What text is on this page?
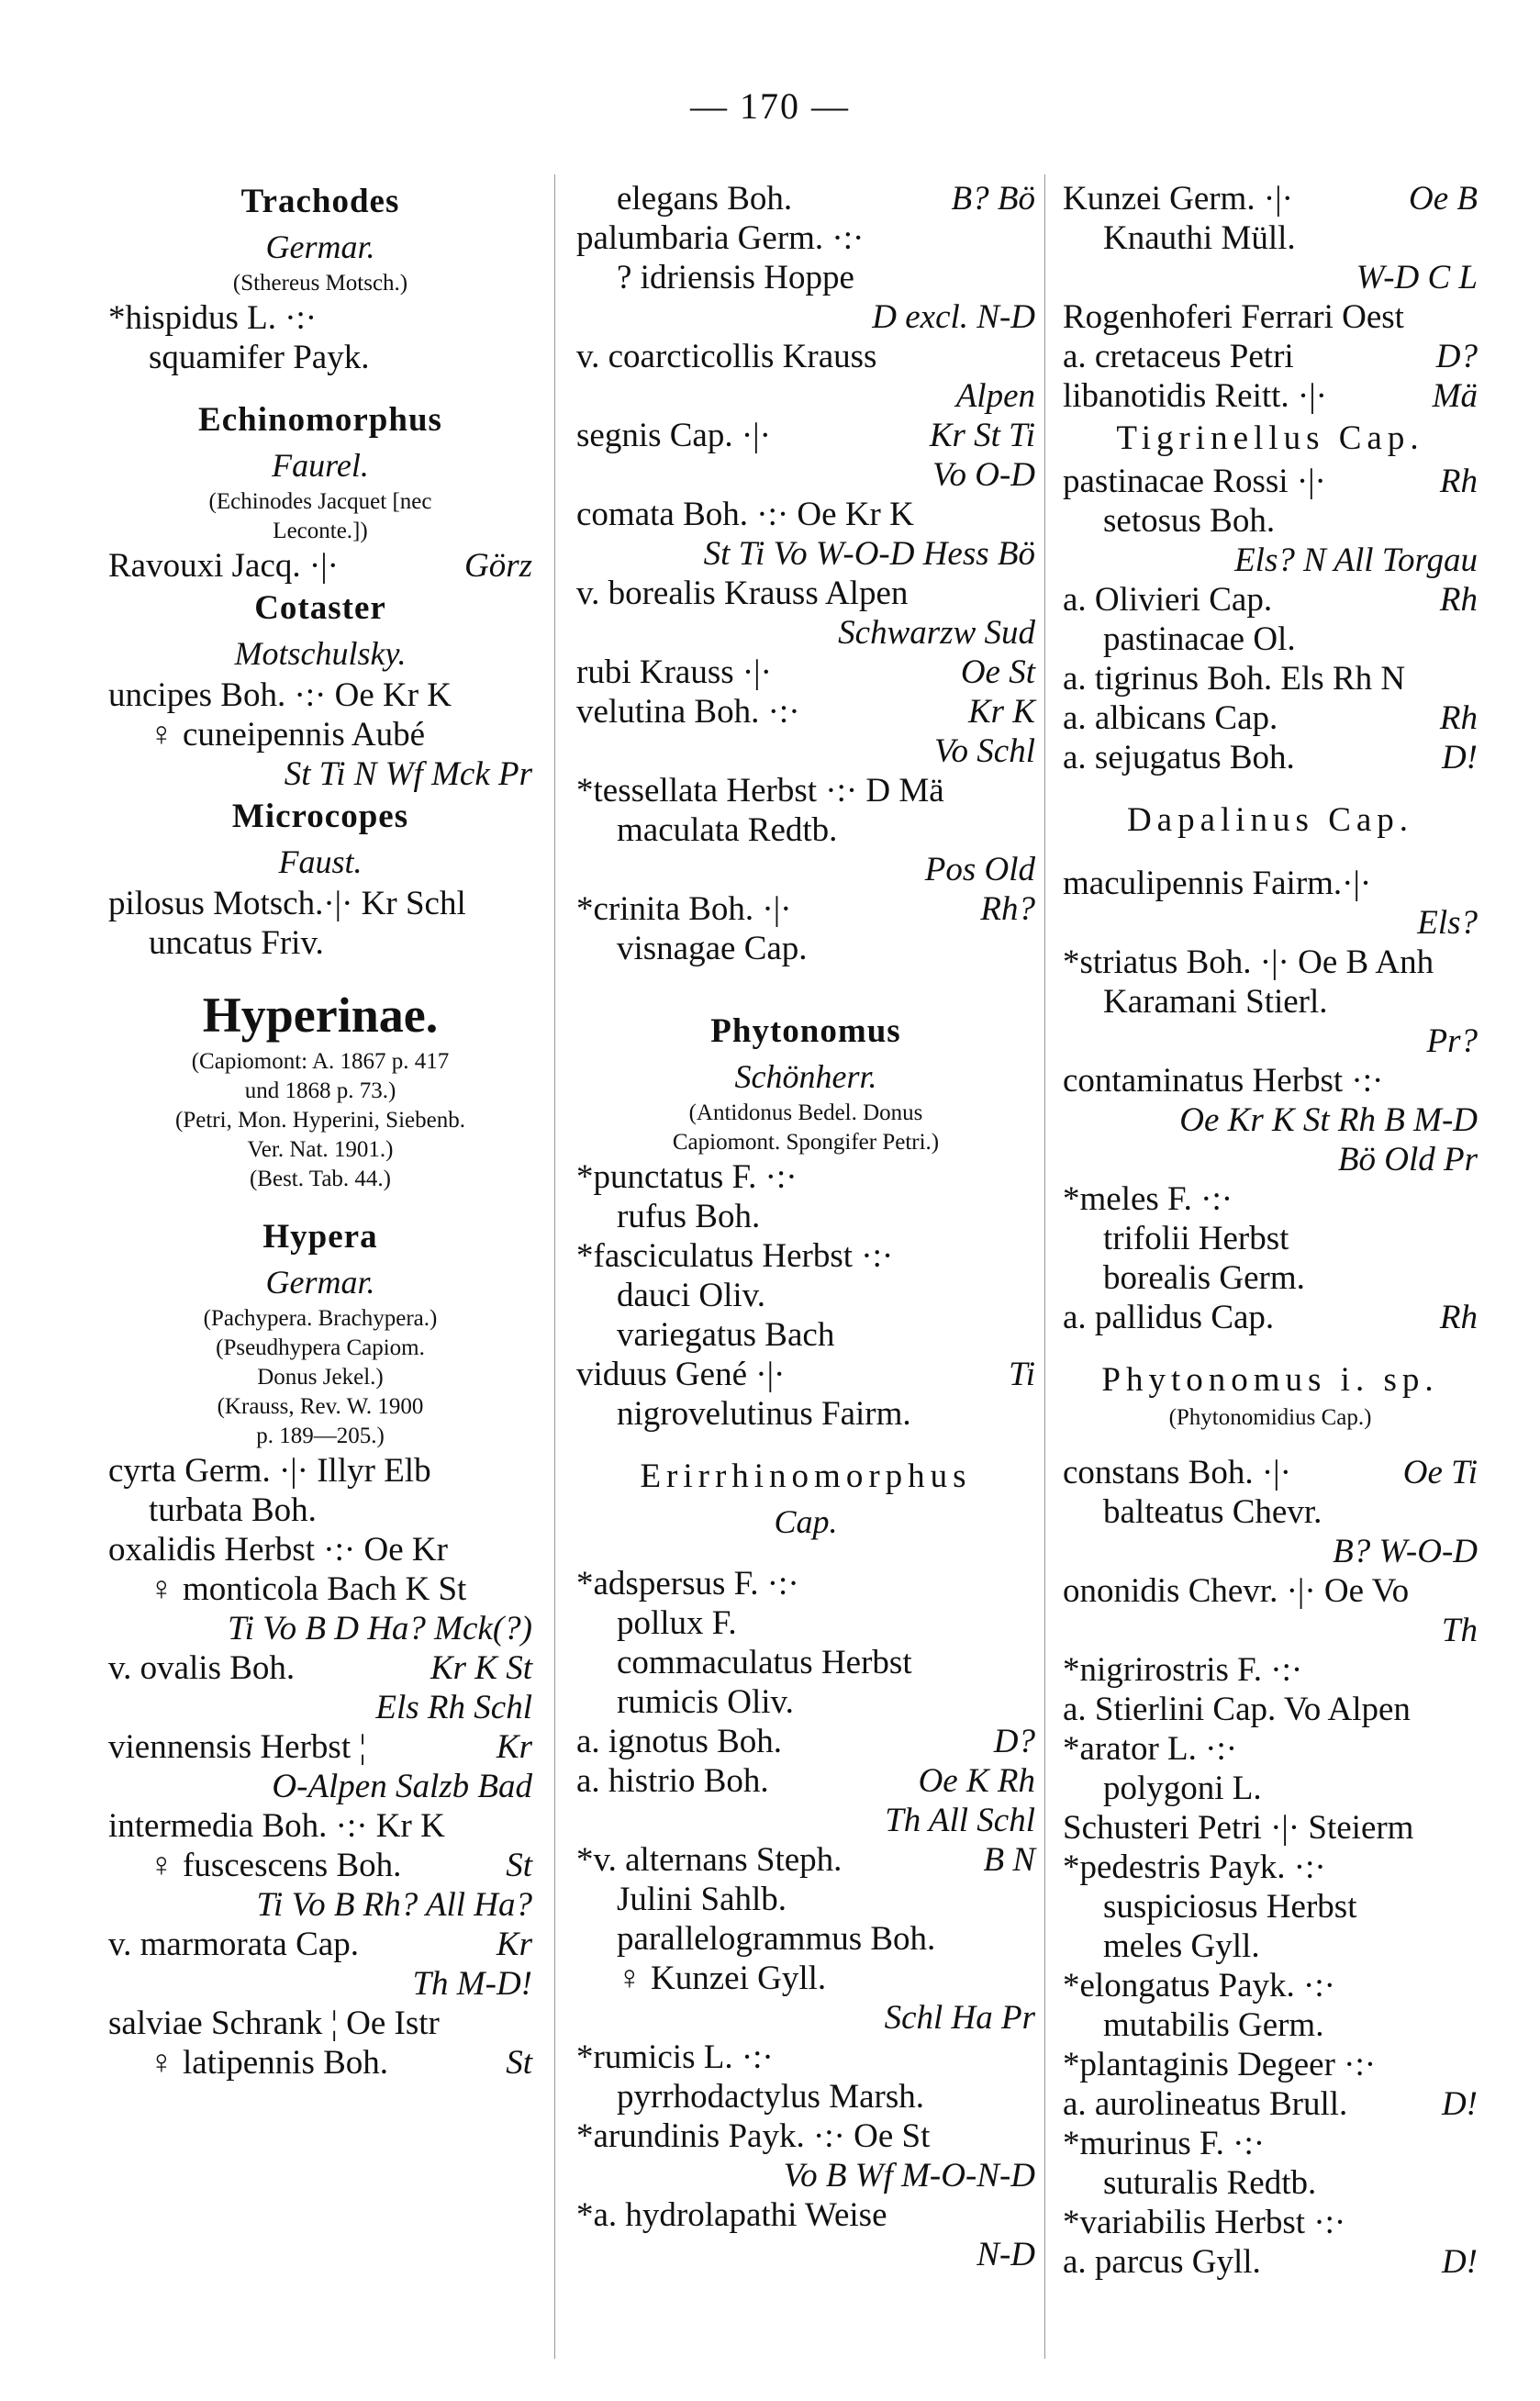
— 170 —
Trachodes
Germar.
(Sthereus Motsch.)
*hispidus L. ·:·
squamifer Payk.
Echinomorphus
Faurel.
(Echinodes Jacquet [nec
Leconte.])
Ravouxi Jacq. ·|·	Görz
Cotaster
Motschulsky.
uncipes Boh. ·:· Oe Kr K
♀ cuneipennis Aubé
St Ti N Wf Mck Pr
Microcopes
Faust.
pilosus Motsch.·|· Kr Schl
uncatus Friv.
Hyperinae.
(Capiomont: A. 1867 p. 417
und 1868 p. 73.)
(Petri, Mon. Hyperini, Siebenb.
Ver. Nat. 1901.)
(Best. Tab. 44.)
Hypera
Germar.
(Pachypera. Brachypera.)
(Pseudhypera Capiom.
Donus Jekel.)
(Krauss, Rev. W. 1900
p. 189—205.)
cyrta Germ. ·|· Illyr Elb
turbata Boh.
oxalidis Herbst ·:· Oe Kr
♀ monticola Bach K St
Ti Vo B D Ha? Mck(?)
v. ovalis Boh.	Kr K St
Els Rh Schl
viennensis Herbst ¦	Kr
O-Alpen Salzb Bad
intermedia Boh. ·:· Kr K
♀ fuscescens Boh.	St
Ti Vo B Rh? All Ha?
v. marmorata Cap.	Kr
Th M-D!
salviae Schrank ¦ Oe Istr
♀ latipennis Boh.	St
elegans Boh.	B? Bö
palumbaria Germ. ·:·
? idriensis Hoppe
D excl. N-D
v. coarcticollis Krauss
Alpen
segnis Cap. ·|·	Kr St Ti
Vo O-D
comata Boh. ·:· Oe Kr K
St Ti Vo W-O-D Hess Bö
v. borealis Krauss Alpen
Schwarzw Sud
rubi Krauss ·|·	Oe St
velutina Boh. ·:·	Kr K
Vo Schl
*tessellata Herbst ·:· D Mä
maculata Redtb.
Pos Old
*crinita Boh. ·|·	Rh?
visnagae Cap.
Phytonomus
Schönherr.
(Antidonus Bedel. Donus
Capiomont. Spongifer Petri.)
*punctatus F. ·:·
rufus Boh.
*fasciculatus Herbst ·:·
dauci Oliv.
variegatus Bach
viduus Gené ·|·	Ti
nigrovelutinus Fairm.
Erirrhinomorphus
Cap.
*adspersus F. ·:·
pollux F.
commaculatus Herbst
rumicis Oliv.
a. ignotus Boh.	D?
a. histrio Boh.	Oe K Rh
Th All Schl
*v. alternans Steph.	B N
Julini Sahlb.
parallelogrammus Boh.
♀ Kunzei Gyll.
Schl Ha Pr
*rumicis L. ·:·
pyrrhodactylus Marsh.
*arundinis Payk. ·:· Oe St
Vo B Wf M-O-N-D
*a. hydrolapathi Weise
N-D
Kunzei Germ. ·|·	Oe B
Knauthi Müll.
W-D C L
Rogenhoferi Ferrari Oest
a. cretaceus Petri	D?
libanotidis Reitt. ·|·	Mä
Tigrinellus Cap.
pastinacae Rossi ·|·	Rh
setosus Boh.
Els? N All Torgau
a. Olivieri Cap.	Rh
pastinacae Ol.
a. tigrinus Boh. Els Rh N
a. albicans Cap.	Rh
a. sejugatus Boh.	D!
Dapalinus Cap.
maculipennis Fairm.·|·
Els?
*striatus Boh. ·|· Oe B Anh
Karamani Stierl.
Pr?
contaminatus Herbst ·:·
Oe Kr K St Rh B M-D
Bö Old Pr
*meles F. ·:·
trifolii Herbst
borealis Germ.
a. pallidus Cap.	Rh
Phytonomus i. sp.
(Phytonomidius Cap.)
constans Boh. ·|·	Oe Ti
balteatus Chevr.
B? W-O-D
ononidis Chevr. ·|· Oe Vo
Th
*nigrirostris F. ·:·
a. Stierlini Cap. Vo Alpen
*arator L. ·:·
polygoni L.
Schusteri Petri ·|· Steierm
*pedestris Payk. ·:·
suspiciosus Herbst
meles Gyll.
*elongatus Payk. ·:·
mutabilis Germ.
*plantaginis Degeer ·:·
a. aurolineatus Brull.	D!
*murinus F. ·:·
suturalis Redtb.
*variabilis Herbst ·:·
a. parcus Gyll.	D!
